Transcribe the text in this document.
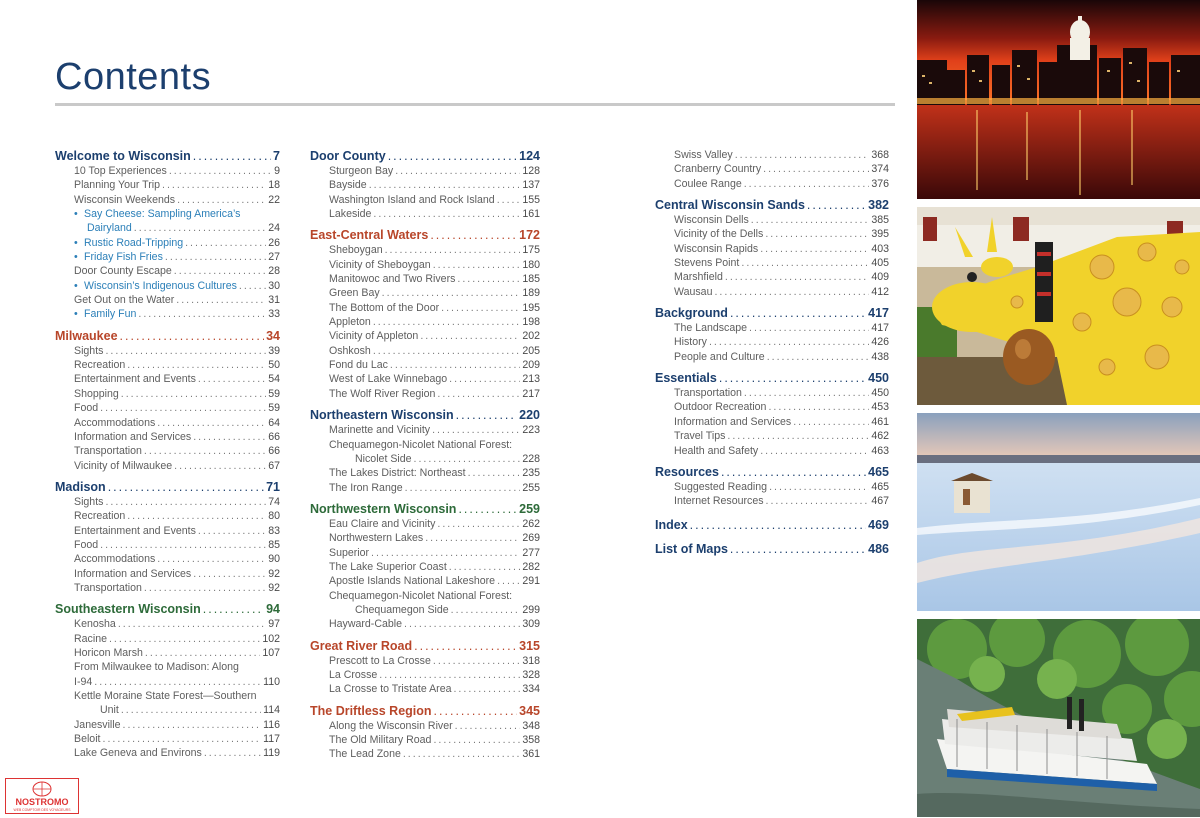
Contents
Welcome to Wisconsin .....	7
10 Top Experiences .....	9
Planning Your Trip .....	18
Wisconsin Weekends .....	22
• Say Cheese: Sampling America’s
Dairyland .....	24
• Rustic Road-Tripping .....	26
• Friday Fish Fries .....	27
Door County Escape .....	28
• Wisconsin’s Indigenous Cultures .....	30
Get Out on the Water .....	31
• Family Fun .....	33
Milwaukee .....	34
Sights .....	39
Recreation .....	50
Entertainment and Events .....	54
Shopping .....	59
Food .....	59
Accommodations .....	64
Information and Services .....	66
Transportation .....	66
Vicinity of Milwaukee .....	67
Madison .....	71
Sights .....	74
Recreation .....	80
Entertainment and Events .....	83
Food .....	85
Accommodations .....	90
Information and Services .....	92
Transportation .....	92
Southeastern Wisconsin .....	94
Kenosha .....	97
Racine .....	102
Horicon Marsh .....	107
From Milwaukee to Madison: Along
I-94 .....	110
Kettle Moraine State Forest—Southern
Unit .....	114
Janesville .....	116
Beloit .....	117
Lake Geneva and Environs .....	119
Door County .....	124
Sturgeon Bay .....	128
Bayside .....	137
Washington Island and Rock Island .....	155
Lakeside .....	161
East-Central Waters .....	172
Sheboygan .....	175
Vicinity of Sheboygan .....	180
Manitowoc and Two Rivers .....	185
Green Bay .....	189
The Bottom of the Door .....	195
Appleton .....	198
Vicinity of Appleton .....	202
Oshkosh .....	205
Fond du Lac .....	209
West of Lake Winnebago .....	213
The Wolf River Region .....	217
Northeastern Wisconsin .....	220
Marinette and Vicinity .....	223
Chequamegon-Nicolet National Forest:
Nicolet Side .....	228
The Lakes District: Northeast .....	235
The Iron Range .....	255
Northwestern Wisconsin .....	259
Eau Claire and Vicinity .....	262
Northwestern Lakes .....	269
Superior .....	277
The Lake Superior Coast .....	282
Apostle Islands National Lakeshore .....	291
Chequamegon-Nicolet National Forest:
Chequamegon Side .....	299
Hayward-Cable .....	309
Great River Road .....	315
Prescott to La Crosse .....	318
La Crosse .....	328
La Crosse to Tristate Area .....	334
The Driftless Region .....	345
Along the Wisconsin River .....	348
The Old Military Road .....	358
The Lead Zone .....	361
Swiss Valley .....	368
Cranberry Country .....	374
Coulee Range .....	376
Central Wisconsin Sands .....	382
Wisconsin Dells .....	385
Vicinity of the Dells .....	395
Wisconsin Rapids .....	403
Stevens Point .....	405
Marshfield .....	409
Wausau .....	412
Background .....	417
The Landscape .....	417
History .....	426
People and Culture .....	438
Essentials .....	450
Transportation .....	450
Outdoor Recreation .....	453
Information and Services .....	461
Travel Tips .....	462
Health and Safety .....	463
Resources .....	465
Suggested Reading .....	465
Internet Resources .....	467
Index .....	469
List of Maps .....	486
NOSTROMO
WEB COMPTOIR DES VOYAGEURS
